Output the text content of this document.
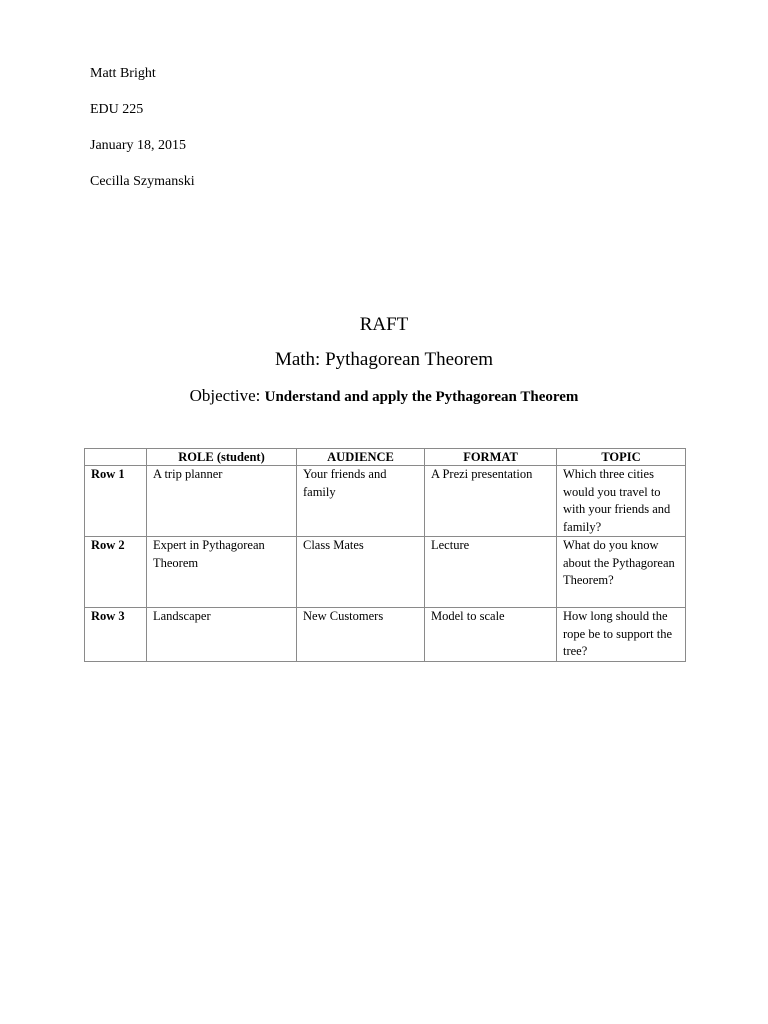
Matt Bright
EDU 225
January 18, 2015
Cecilla Szymanski
RAFT
Math: Pythagorean Theorem
Objective: Understand and apply the Pythagorean Theorem
	ROLE (student)	AUDIENCE	FORMAT	TOPIC
Row 1	A trip planner	Your friends and family	A Prezi presentation	Which three cities would you travel to with your friends and family?
Row 2	Expert in Pythagorean Theorem	Class Mates	Lecture	What do you know about the Pythagorean Theorem?
Row 3	Landscaper	New Customers	Model to scale	How long should the rope be to support the tree?
